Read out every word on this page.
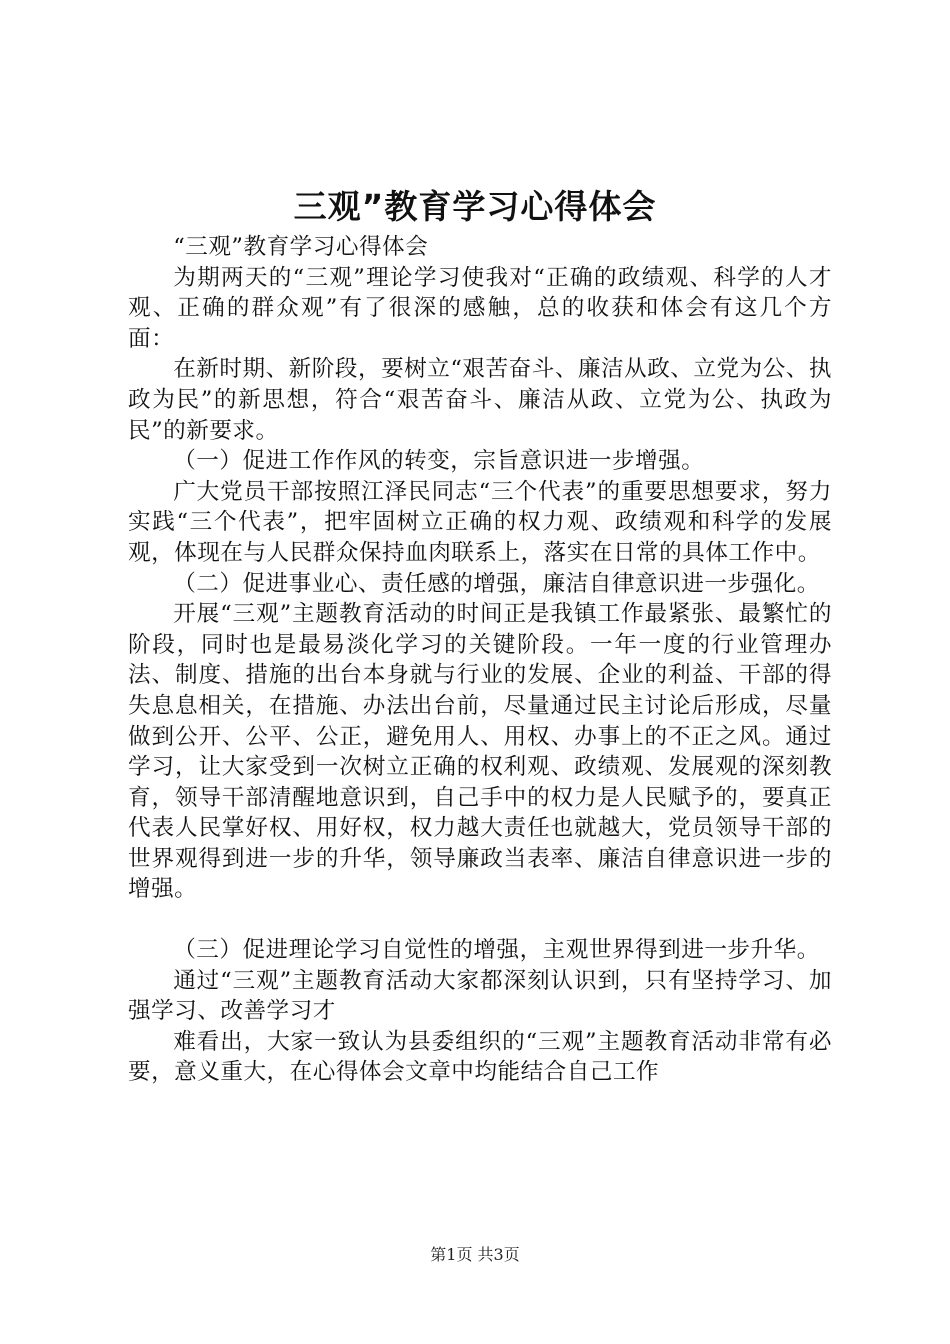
三观”教育学习心得体会

“三观”教育学习心得体会

为期两天的“三观”理论学习使我对“正确的政绩观、科学的人才观、正确的群众观”有了很深的感触，总的收获和体会有这几个方面：

在新时期、新阶段，要树立“艰苦奋斗、廉洁从政、立党为公、执政为民”的新思想，符合“艰苦奋斗、廉洁从政、立党为公、执政为民”的新要求。

（一）促进工作作风的转变，宗旨意识进一步增强。

广大党员干部按照江泽民同志“三个代表”的重要思想要求，努力实践“三个代表”，把牢固树立正确的权力观、政绩观和科学的发展观，体现在与人民群众保持血肉联系上，落实在日常的具体工作中。

（二）促进事业心、责任感的增强，廉洁自律意识进一步强化。

开展“三观”主题教育活动的时间正是我镇工作最紧张、最繁忙的阶段，同时也是最易淡化学习的关键阶段。一年一度的行业管理办法、制度、措施的出台本身就与行业的发展、企业的利益、干部的得失息息相关，在措施、办法出台前，尽量通过民主讨论后形成，尽量做到公开、公平、公正，避免用人、用权、办事上的不正之风。通过学习，让大家受到一次树立正确的权利观、政绩观、发展观的深刻教育，领导干部清醒地意识到，自己手中的权力是人民赋予的，要真正代表人民掌好权、用好权，权力越大责任也就越大，党员领导干部的世界观得到进一步的升华，领导廉政当表率、廉洁自律意识进一步的增强。

（三）促进理论学习自觉性的增强，主观世界得到进一步升华。

通过“三观”主题教育活动大家都深刻认识到，只有坚持学习、加强学习、改善学习才

难看出，大家一致认为县委组织的“三观”主题教育活动非常有必要，意义重大，在心得体会文章中均能结合自己工作

第1页 共3页
